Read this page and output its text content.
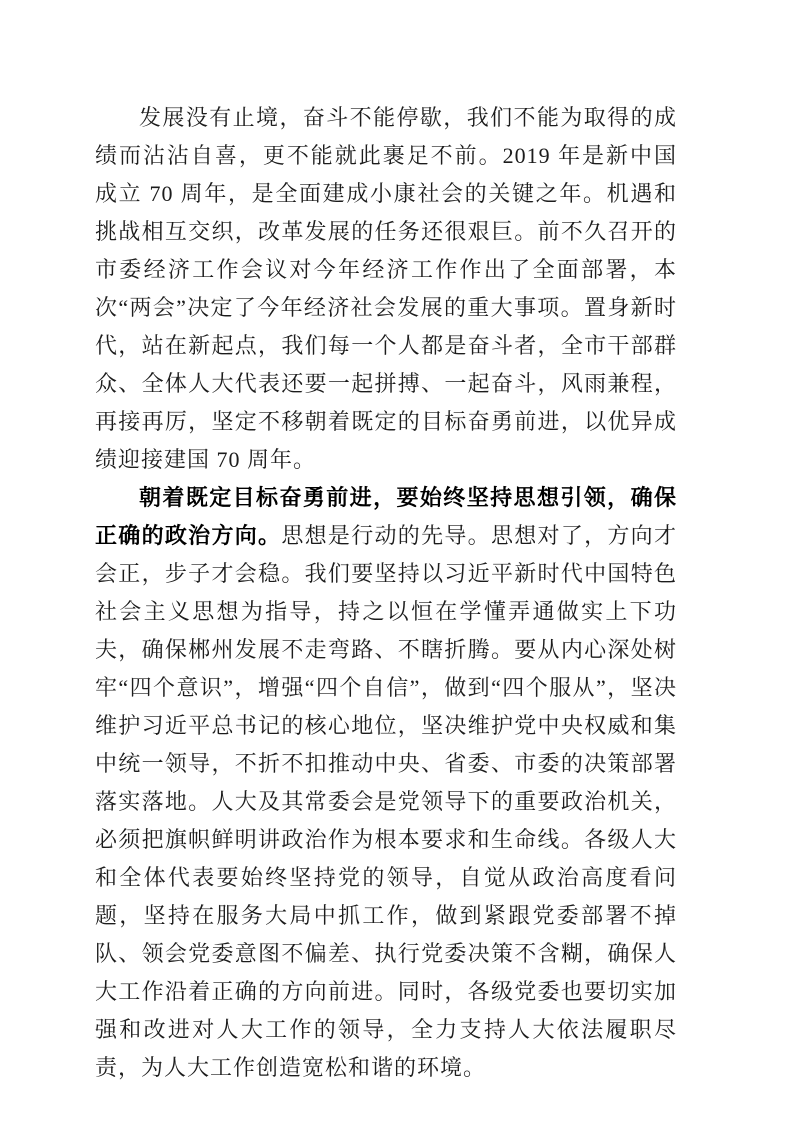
发展没有止境，奋斗不能停歇，我们不能为取得的成绩而沾沾自喜，更不能就此裹足不前。2019 年是新中国成立 70 周年，是全面建成小康社会的关键之年。机遇和挑战相互交织，改革发展的任务还很艰巨。前不久召开的市委经济工作会议对今年经济工作作出了全面部署，本次“两会”决定了今年经济社会发展的重大事项。置身新时代，站在新起点，我们每一个人都是奋斗者，全市干部群众、全体人大代表还要一起拼搏、一起奋斗，风雨兼程，再接再厉，坚定不移朝着既定的目标奋勇前进，以优异成绩迎接建国 70 周年。

朝着既定目标奋勇前进，要始终坚持思想引领，确保正确的政治方向。思想是行动的先导。思想对了，方向才会正，步子才会稳。我们要坚持以习近平新时代中国特色社会主义思想为指导，持之以恒在学懂弄通做实上下功夫，确保郴州发展不走弯路、不瞎折腾。要从内心深处树牢“四个意识”，增强“四个自信”，做到“四个服从”，坚决维护习近平总书记的核心地位，坚决维护党中央权威和集中统一领导，不折不扣推动中央、省委、市委的决策部署落实落地。人大及其常委会是党领导下的重要政治机关，必须把旗帜鲜明讲政治作为根本要求和生命线。各级人大和全体代表要始终坚持党的领导，自觉从政治高度看问题，坚持在服务大局中抓工作，做到紧跟党委部署不掉队、领会党委意图不偏差、执行党委决策不含糊，确保人大工作沿着正确的方向前进。同时，各级党委也要切实加强和改进对人大工作的领导，全力支持人大依法履职尽责，为人大工作创造宽松和谐的环境。
